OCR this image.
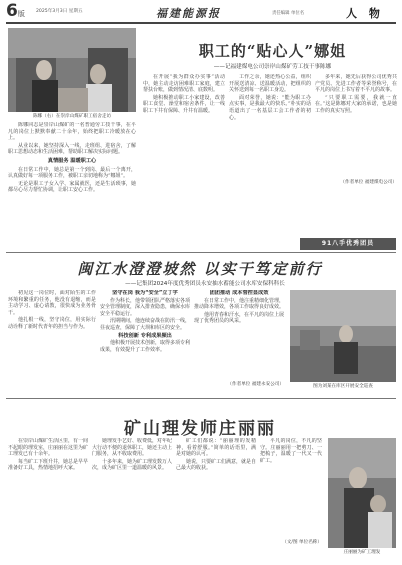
6版 2025年3月3日 星期五	福建能源报	责任编辑 单位名	人 物
陈娜（右）在崇岸山煤矿职工宿舍走访
职工的“贴心人”娜姐
——记福建煤电公司崇岸山煤矿劳工技干事陈娜

陈娜同志是崇岸山煤矿的一名普通劳工技干事，在平凡的岗位上默默奉献二十余年，始终把职工冷暖放在心上。

从业以来，她坚持深入一线，走班组、进宿舍，了解职工思想动态和生活困难，帮助职工解决实际问题。

真情服务 温暖职工心

在日常工作中，她总是第一个到岗、最后一个离开，认真做好每一项服务工作，被职工亲切地称为“娜姐”。

无论是职工子女入学、家属就医，还是生活琐事，她都尽心尽力帮忙协调，让职工安心工作。

在开展“我为群众办实事”活动中，她主动走访困难职工家庭，建立帮扶台账，做到情况清、底数明。

她积极推动职工小家建设，改善职工食堂、澡堂和宿舍条件，让一线职工下井有保障、升井有温暖。

工作之余，她还热心公益，组织开展送清凉、送温暖活动，把组织的关怀送到每一名职工身边。

面对荣誉，她说：“能为职工办点实事，是我最大的快乐。”朴实的话语道出了一名基层工会工作者的初心。

多年来，她先后获得公司优秀共产党员、先进工作者等荣誉称号，在平凡的岗位上书写着不平凡的故事。

“只要职工需要，我就一直在。”这是陈娜对大家的承诺，也是她工作的真实写照。

（作者单位 福建煤电公司）
91八手优秀团员
闽江水澄澄坡然 以实干笃定前行
——记集团2024年度优秀团员永安抽水蓄能公司水库安保科科长

初见这一岗位时，面对陌生的工作环境和繁重的任务，他没有退缩，而是主动学习、虚心请教，很快成为业务骨干。

他扎根一线，坚守岗位，用实际行动诠释了新时代青年的担当与作为。

坚守在岗 我为“安全”立丁字

作为科长，他带领团队严格落实各项安全管理制度，深入排查隐患，确保水库安全平稳运行。

汛期期间，他连续奋战在防汛一线，昼夜巡查，保障了大坝和库区的安全。

科技创新 专利成果频出

他积极开展技术创新，取得多项专利成果，有效提升了工作效率。

团团推动 成本管控显成效

在日常工作中，他注重精细化管理，推动降本增效，各项工作取得良好成效。

他用青春和汗水，在平凡的岗位上展现了优秀团员的风采。

（作者单位 福建永安公司）	图为刘某在库区开展安全巡查
矿山理发师庄丽丽

在崇岸山煤矿生活区里，有一间不起眼的理发室，庄丽丽在这里为矿工理发已有十余年。

每当矿工下班升井，她总是早早准备好工具，热情地招呼大家。

她理发手艺好、收费低，对年纪大行动不便的退休职工，她还主动上门服务，从不收取费用。

十多年来，她为矿工理发数万人次，成为矿区里一道温暖的风景。

矿工们都说：“丽丽理的发精神，看着舒服。”简单的话语里，满是对她的认可。

她说，只要矿工们满意，就是自己最大的收获。

平凡的岗位，不凡的坚守。庄丽丽用一把剪刀、一把梳子，温暖了一代又一代矿工。

（文/图 单位名称）
庄丽丽为矿工理发
